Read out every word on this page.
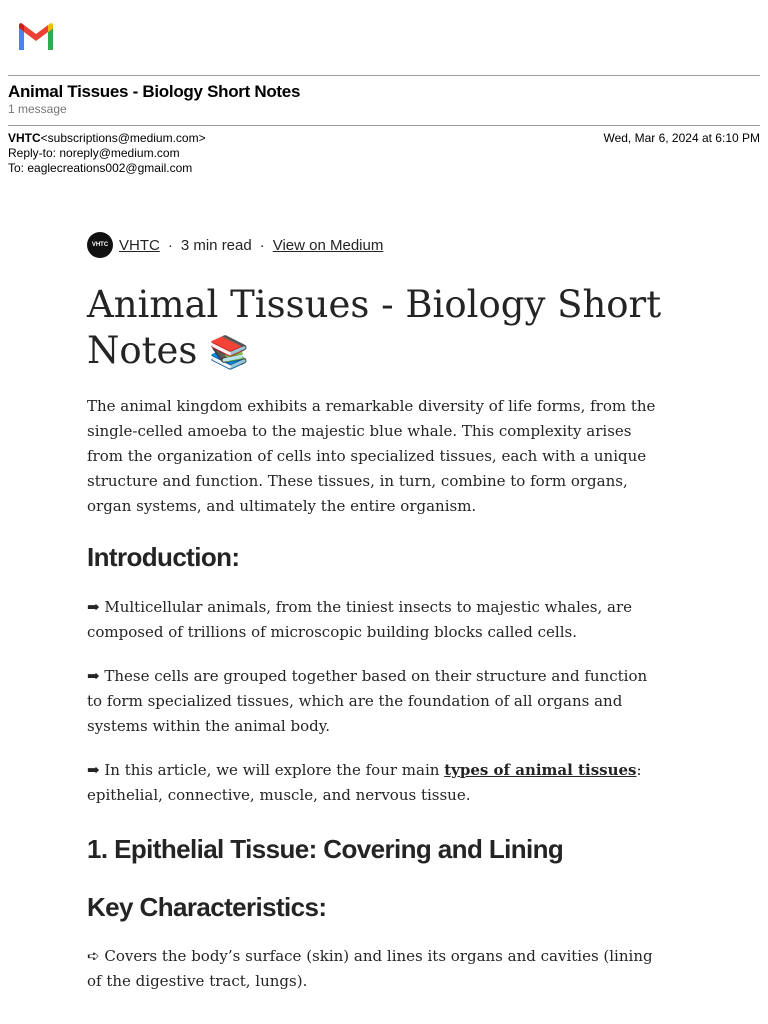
Animal Tissues - Biology Short Notes
1 message
VHTC<subscriptions@medium.com>
Reply-to: noreply@medium.com
To: eaglecreations002@gmail.com
Wed, Mar 6, 2024 at 6:10 PM
VHTC VHTC · 3 min read · View on Medium
Animal Tissues - Biology Short Notes 📚

The animal kingdom exhibits a remarkable diversity of life forms, from the single-celled amoeba to the majestic blue whale. This complexity arises from the organization of cells into specialized tissues, each with a unique structure and function. These tissues, in turn, combine to form organs, organ systems, and ultimately the entire organism.

Introduction:

➡ Multicellular animals, from the tiniest insects to majestic whales, are composed of trillions of microscopic building blocks called cells.

➡ These cells are grouped together based on their structure and function to form specialized tissues, which are the foundation of all organs and systems within the animal body.

➡ In this article, we will explore the four main types of animal tissues: epithelial, connective, muscle, and nervous tissue.

1. Epithelial Tissue: Covering and Lining
Key Characteristics:

➪ Covers the body’s surface (skin) and lines its organs and cavities (lining of the digestive tract, lungs).
